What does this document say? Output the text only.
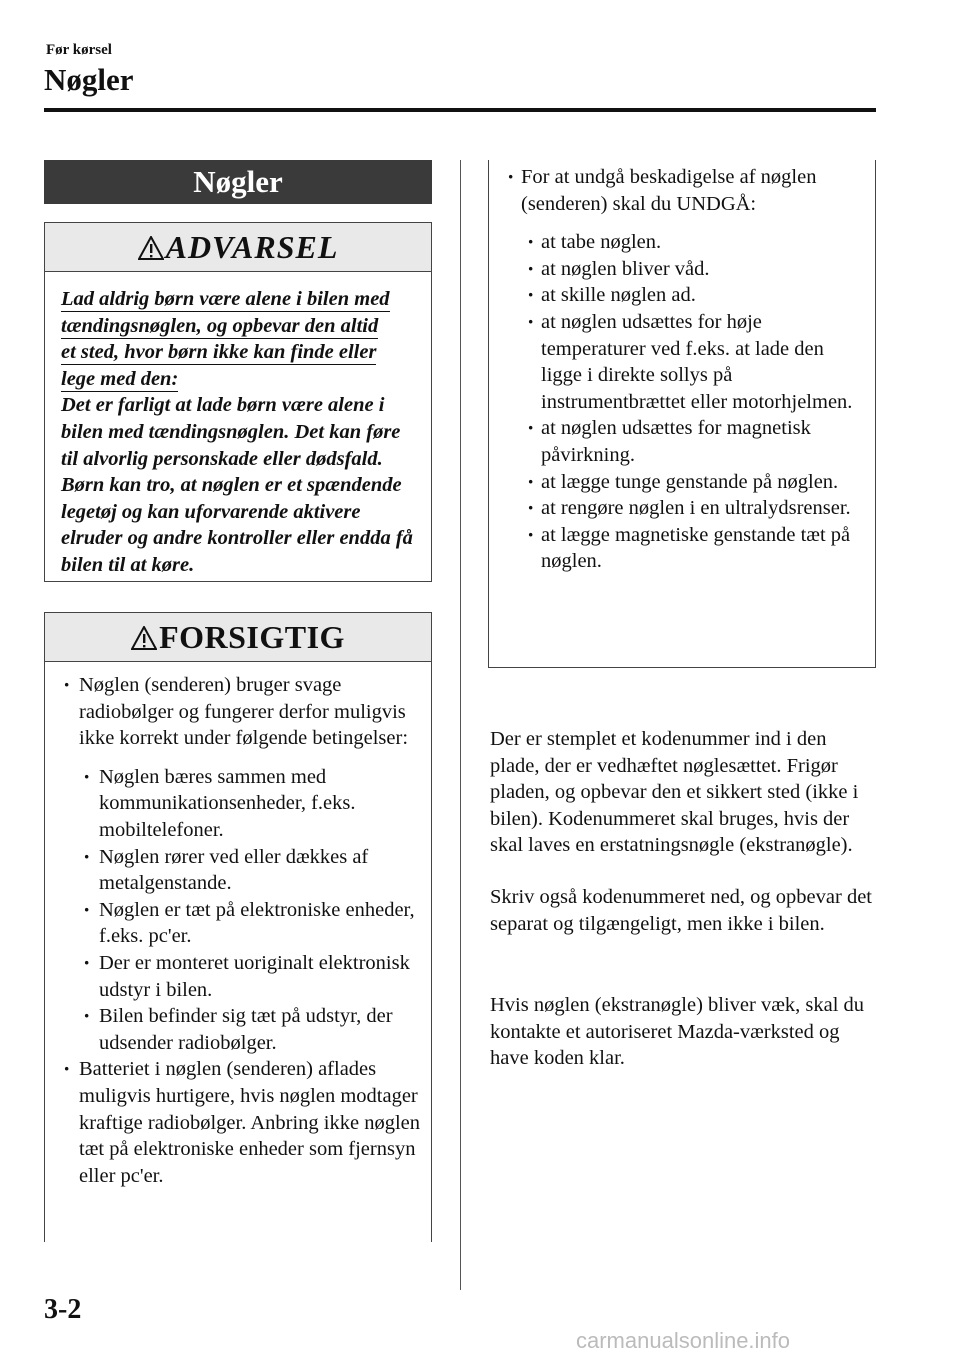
Før kørsel
Nøgler
Nøgler
ADVARSEL
Lad aldrig børn være alene i bilen med
tændingsnøglen, og opbevar den altid
et sted, hvor børn ikke kan finde eller
lege med den:
Det er farligt at lade børn være alene i bilen med tændingsnøglen. Det kan føre til alvorlig personskade eller dødsfald. Børn kan tro, at nøglen er et spændende legetøj og kan uforvarende aktivere elruder og andre kontroller eller endda få bilen til at køre.
FORSIGTIG
· Nøglen (senderen) bruger svage radiobølger og fungerer derfor muligvis ikke korrekt under følgende betingelser:
· Nøglen bæres sammen med kommunikationsenheder, f.eks. mobiltelefoner.
· Nøglen rører ved eller dækkes af metalgenstande.
· Nøglen er tæt på elektroniske enheder, f.eks. pc'er.
· Der er monteret uoriginalt elektronisk udstyr i bilen.
· Bilen befinder sig tæt på udstyr, der udsender radiobølger.
· Batteriet i nøglen (senderen) aflades muligvis hurtigere, hvis nøglen modtager kraftige radiobølger. Anbring ikke nøglen tæt på elektroniske enheder som fjernsyn eller pc'er.
· For at undgå beskadigelse af nøglen (senderen) skal du UNDGÅ:
· at tabe nøglen.
· at nøglen bliver våd.
· at skille nøglen ad.
· at nøglen udsættes for høje temperaturer ved f.eks. at lade den ligge i direkte sollys på instrumentbrættet eller motorhjelmen.
· at nøglen udsættes for magnetisk påvirkning.
· at lægge tunge genstande på nøglen.
· at rengøre nøglen i en ultralydsrenser.
· at lægge magnetiske genstande tæt på nøglen.
Der er stemplet et kodenummer ind i den plade, der er vedhæftet nøglesættet. Frigør pladen, og opbevar den et sikkert sted (ikke i bilen). Kodenummeret skal bruges, hvis der skal laves en erstatningsnøgle (ekstranøgle).
Skriv også kodenummeret ned, og opbevar det separat og tilgængeligt, men ikke i bilen.
Hvis nøglen (ekstranøgle) bliver væk, skal du kontakte et autoriseret Mazda-værksted og have koden klar.
3-2
carmanualsonline.info
